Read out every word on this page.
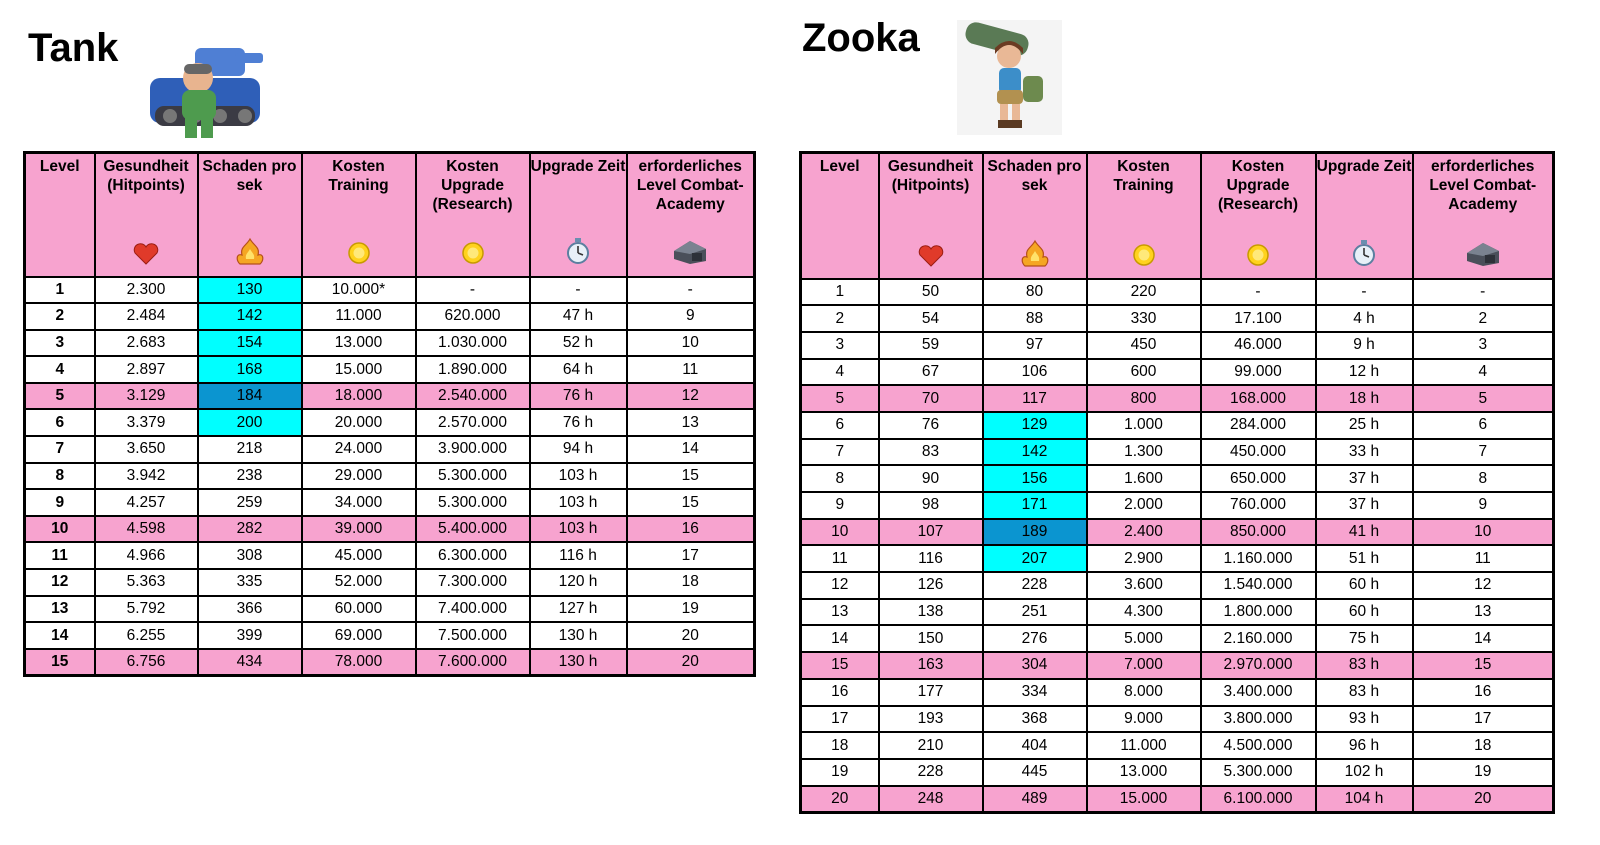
Tank
Level	Gesundheit (Hitpoints)	Schaden pro sek	Kosten Training	Kosten Upgrade (Research)	Upgrade Zeit	erforderliches Level Combat-Academy

1	2.300	130	10.000*	-	-	-
2	2.484	142	11.000	620.000	47 h	9
3	2.683	154	13.000	1.030.000	52 h	10
4	2.897	168	15.000	1.890.000	64 h	11
5	3.129	184	18.000	2.540.000	76 h	12
6	3.379	200	20.000	2.570.000	76 h	13
7	3.650	218	24.000	3.900.000	94 h	14
8	3.942	238	29.000	5.300.000	103 h	15
9	4.257	259	34.000	5.300.000	103 h	15
10	4.598	282	39.000	5.400.000	103 h	16
11	4.966	308	45.000	6.300.000	116 h	17
12	5.363	335	52.000	7.300.000	120 h	18
13	5.792	366	60.000	7.400.000	127 h	19
14	6.255	399	69.000	7.500.000	130 h	20
15	6.756	434	78.000	7.600.000	130 h	20
Zooka
Level	Gesundheit (Hitpoints)	Schaden pro sek	Kosten Training	Kosten Upgrade (Research)	Upgrade Zeit	erforderliches Level Combat-Academy

1	50	80	220	-	-	-
2	54	88	330	17.100	4 h	2
3	59	97	450	46.000	9 h	3
4	67	106	600	99.000	12 h	4
5	70	117	800	168.000	18 h	5
6	76	129	1.000	284.000	25 h	6
7	83	142	1.300	450.000	33 h	7
8	90	156	1.600	650.000	37 h	8
9	98	171	2.000	760.000	37 h	9
10	107	189	2.400	850.000	41 h	10
11	116	207	2.900	1.160.000	51 h	11
12	126	228	3.600	1.540.000	60 h	12
13	138	251	4.300	1.800.000	60 h	13
14	150	276	5.000	2.160.000	75 h	14
15	163	304	7.000	2.970.000	83 h	15
16	177	334	8.000	3.400.000	83 h	16
17	193	368	9.000	3.800.000	93 h	17
18	210	404	11.000	4.500.000	96 h	18
19	228	445	13.000	5.300.000	102 h	19
20	248	489	15.000	6.100.000	104 h	20
